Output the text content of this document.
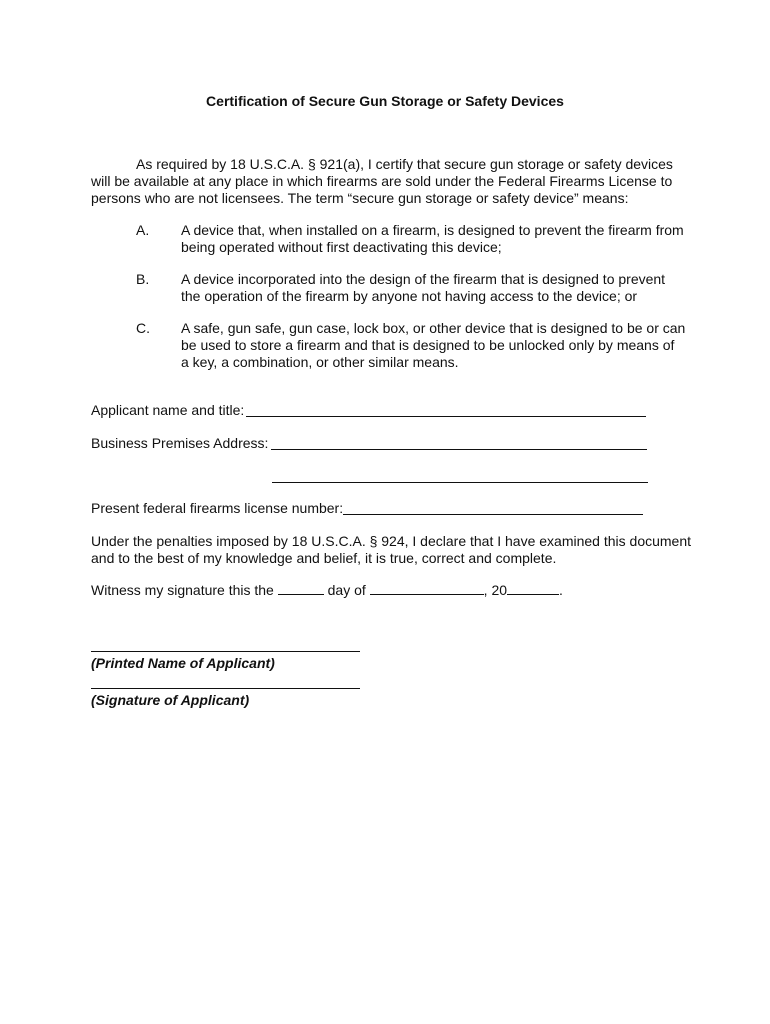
Certification of Secure Gun Storage or Safety Devices
As required by 18 U.S.C.A. § 921(a), I certify that secure gun storage or safety devices will be available at any place in which firearms are sold under the Federal Firearms License to persons who are not licensees. The term “secure gun storage or safety device” means:
A. A device that, when installed on a firearm, is designed to prevent the firearm from being operated without first deactivating this device;
B. A device incorporated into the design of the firearm that is designed to prevent the operation of the firearm by anyone not having access to the device; or
C. A safe, gun safe, gun case, lock box, or other device that is designed to be or can be used to store a firearm and that is designed to be unlocked only by means of a key, a combination, or other similar means.
Applicant name and title:
Business Premises Address:
Present federal firearms license number:
Under the penalties imposed by 18 U.S.C.A. § 924, I declare that I have examined this document and to the best of my knowledge and belief, it is true, correct and complete.
Witness my signature this the	day of	, 20	.
(Printed Name of Applicant)
(Signature of Applicant)
